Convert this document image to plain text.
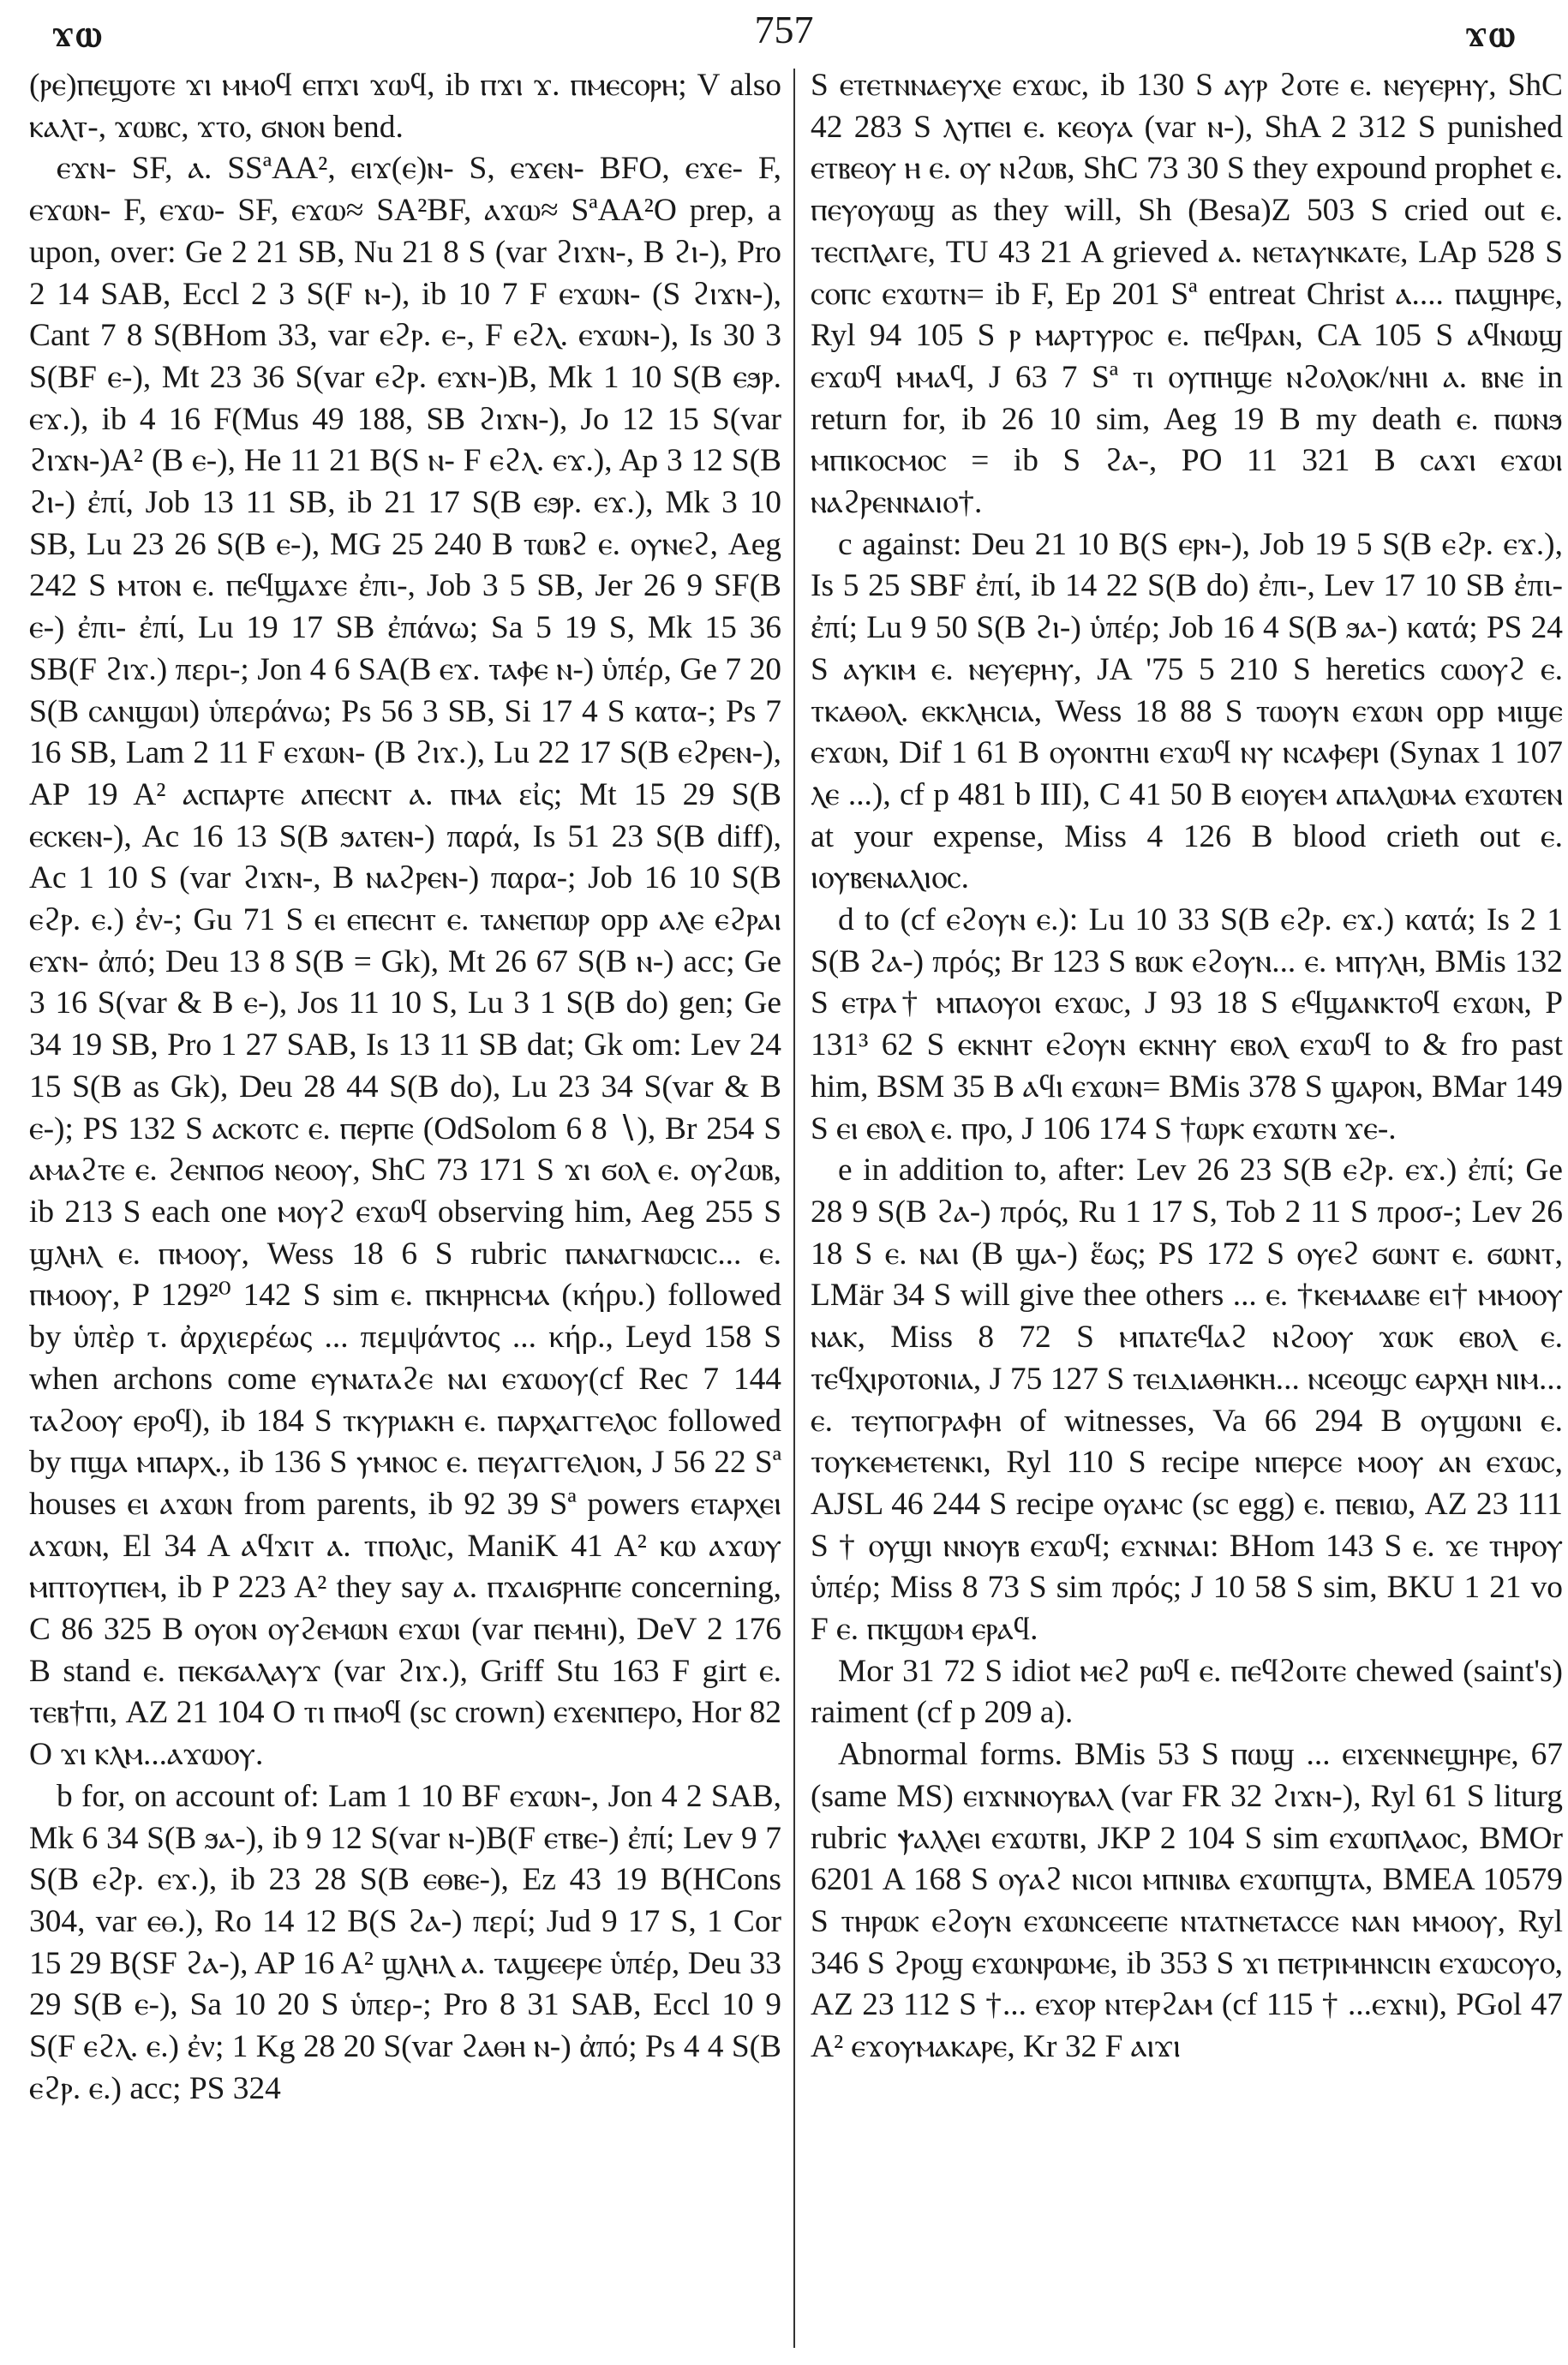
ϫⲱ	757	ϫⲱ

(ⲣⲉ)ⲡⲉϣⲟⲧⲉ ϫⲓ ⲙⲙⲟϥ ⲉⲡϫⲓ ϫⲱϥ, ib ⲡϫⲓ ϫ. ⲡⲙⲉⲥⲟⲣⲏ; V also ⲕⲁⲗⲧ-, ϫⲱⲃⲥ, ϫⲧⲟ, ϭⲛⲟⲛ bend.

ⲉϫⲛ- SF, ⲁ. SSªAA², ⲉⲓϫ(ⲉ)ⲛ- S, ⲉϫⲉⲛ- BFO, ⲉϫⲉ- F, ⲉϫⲱⲛ- F, ⲉϫⲱ- SF, ⲉϫⲱ≈ SA²BF, ⲁϫⲱ≈ SªAA²O prep, a upon, over: Ge 2 21 SB, Nu 21 8 S (var ϩⲓϫⲛ-, B ϩⲓ-), Pro 2 14 SAB, Eccl 2 3 S(F ⲛ-), ib 10 7 F ⲉϫⲱⲛ- (S ϩⲓϫⲛ-), Cant 7 8 S(BHom 33, var ⲉϩⲣ. ⲉ-, F ⲉϩⲗ. ⲉϫⲱⲛ-), Is 30 3 S(BF ⲉ-), Mt 23 36 S(var ⲉϩⲣ. ⲉϫⲛ-)B, Mk 1 10 S(B ⲉϧⲣ. ⲉϫ.), ib 4 16 F(Mus 49 188, SB ϩⲓϫⲛ-), Jo 12 15 S(var ϩⲓϫⲛ-)A² (B ⲉ-), He 11 21 B(S ⲛ- F ⲉϩⲗ. ⲉϫ.), Ap 3 12 S(B ϩⲓ-) ἐπί, Job 13 11 SB, ib 21 17 S(B ⲉϧⲣ. ⲉϫ.), Mk 3 10 SB, Lu 23 26 S(B ⲉ-), MG 25 240 B ⲧⲱⲃϩ ⲉ. ⲟⲩⲛⲉϩ, Aeg 242 S ⲙⲧⲟⲛ ⲉ. ⲡⲉϥϣⲁϫⲉ ἐπι-, Job 3 5 SB, Jer 26 9 SF(B ⲉ-) ἐπι- ἐπί, Lu 19 17 SB ἐπάνω; Sa 5 19 S, Mk 15 36 SB(F ϩⲓϫ.) περι-; Jon 4 6 SA(B ⲉϫ. ⲧⲁⲫⲉ ⲛ-) ὑπέρ, Ge 7 20 S(B ⲥⲁⲛϣⲱⲓ) ὑπεράνω; Ps 56 3 SB, Si 17 4 S κατα-; Ps 7 16 SB, Lam 2 11 F ⲉϫⲱⲛ- (B ϩⲓϫ.), Lu 22 17 S(B ⲉϩⲣⲉⲛ-), AP 19 A² ⲁⲥⲡⲁⲣⲧⲉ ⲁⲡⲉⲥⲛⲧ ⲁ. ⲡⲙⲁ εἰς; Mt 15 29 S(B ⲉⲥⲕⲉⲛ-), Ac 16 13 S(B ϧⲁⲧⲉⲛ-) παρά, Is 51 23 S(B diff), Ac 1 10 S (var ϩⲓϫⲛ-, B ⲛⲁϩⲣⲉⲛ-) παρα-; Job 16 10 S(B ⲉϩⲣ. ⲉ.) ἐν-; Gu 71 S ⲉⲓ ⲉⲡⲉⲥⲏⲧ ⲉ. ⲧⲁⲛⲉⲡⲱⲣ opp ⲁⲗⲉ ⲉϩⲣⲁⲓ ⲉϫⲛ- ἀπό; Deu 13 8 S(B = Gk), Mt 26 67 S(B ⲛ-) acc; Ge 3 16 S(var & B ⲉ-), Jos 11 10 S, Lu 3 1 S(B do) gen; Ge 34 19 SB, Pro 1 27 SAB, Is 13 11 SB dat; Gk om: Lev 24 15 S(B as Gk), Deu 28 44 S(B do), Lu 23 34 S(var & B ⲉ-); PS 132 S ⲁⲥⲕⲟⲧⲥ ⲉ. ⲡⲉⲣⲡⲉ (OdSolom 6 8 ∖), Br 254 S ⲁⲙⲁϩⲧⲉ ⲉ. ϩⲉⲛⲡⲟϭ ⲛⲉⲟⲟⲩ, ShC 73 171 S ϫⲓ ϭⲟⲗ ⲉ. ⲟⲩϩⲱⲃ, ib 213 S each one ⲙⲟⲩϩ ⲉϫⲱϥ observing him, Aeg 255 S ϣⲗⲏⲗ ⲉ. ⲡⲙⲟⲟⲩ, Wess 18 6 S rubric ⲡⲁⲛⲁⲅⲛⲱⲥⲓⲥ... ⲉ. ⲡⲙⲟⲟⲩ, P 129²⁰ 142 S sim ⲉ. ⲡⲕⲏⲣⲏⲥⲙⲁ (κήρυ.) followed by ὑπὲρ τ. ἀρχιερέως ... πεμψάντος ... κήρ., Leyd 158 S when archons come ⲉⲩⲛⲁⲧⲁϩⲉ ⲛⲁⲓ ⲉϫⲱⲟⲩ(cf Rec 7 144 ⲧⲁϩⲟⲟⲩ ⲉⲣⲟϥ), ib 184 S ⲧⲕⲩⲣⲓⲁⲕⲏ ⲉ. ⲡⲁⲣⲭⲁⲅⲅⲉⲗⲟⲥ followed by ⲡϣⲁ ⲙⲡⲁⲣⲭ., ib 136 S ⲩⲙⲛⲟⲥ ⲉ. ⲡⲉⲩⲁⲅⲅⲉⲗⲓⲟⲛ, J 56 22 Sª houses ⲉⲓ ⲁϫⲱⲛ from parents, ib 92 39 Sª powers ⲉⲧⲁⲣⲭⲉⲓ ⲁϫⲱⲛ, El 34 A ⲁϥϫⲓⲧ ⲁ. ⲧⲡⲟⲗⲓⲥ, ManiK 41 A² ⲕⲱ ⲁϫⲱⲩ ⲙⲡⲧⲟⲩⲡⲉⲙ, ib P 223 A² they say ⲁ. ⲡϫⲁⲓϭⲣⲏⲡⲉ concerning, C 86 325 B ⲟⲩⲟⲛ ⲟⲩϩⲉⲙⲱⲛ ⲉϫⲱⲓ (var ⲡⲉⲙⲏⲓ), DeV 2 176 B stand ⲉ. ⲡⲉⲕϭⲁⲗⲁⲩϫ (var ϩⲓϫ.), Griff Stu 163 F girt ⲉ. ⲧⲉⲃ†ⲡⲓ, AZ 21 104 O ⲧⲓ ⲡⲙⲟϥ (sc crown) ⲉϫⲉⲛⲡⲉⲣⲟ, Hor 82 O ϫⲓ ⲕⲗⲙ...ⲁϫⲱⲟⲩ.

b for, on account of: Lam 1 10 BF ⲉϫⲱⲛ-, Jon 4 2 SAB, Mk 6 34 S(B ϧⲁ-), ib 9 12 S(var ⲛ-)B(F ⲉⲧⲃⲉ-) ἐπί; Lev 9 7 S(B ⲉϩⲣ. ⲉϫ.), ib 23 28 S(B ⲉⲑⲃⲉ-), Ez 43 19 B(HCons 304, var ⲉⲑ.), Ro 14 12 B(S ϩⲁ-) περί; Jud 9 17 S, 1 Cor 15 29 B(SF ϩⲁ-), AP 16 A² ϣⲗⲏⲗ ⲁ. ⲧⲁϣⲉⲉⲣⲉ ὑπέρ, Deu 33 29 S(B ⲉ-), Sa 10 20 S ὑπερ-; Pro 8 31 SAB, Eccl 10 9 S(F ⲉϩⲗ. ⲉ.) ἐν; 1 Kg 28 20 S(var ϩⲁⲑⲏ ⲛ-) ἀπό; Ps 4 4 S(B ⲉϩⲣ. ⲉ.) acc; PS 324

S ⲉⲧⲉⲧⲛⲛⲁⲉⲩⲭⲉ ⲉϫⲱⲥ, ib 130 S ⲁⲩⲣ ϩⲟⲧⲉ ⲉ. ⲛⲉⲩⲉⲣⲏⲩ, ShC 42 283 S ⲗⲩⲡⲉⲓ ⲉ. ⲕⲉⲟⲩⲁ (var ⲛ-), ShA 2 312 S punished ⲉⲧⲃⲉⲟⲩ ⲏ ⲉ. ⲟⲩ ⲛϩⲱⲃ, ShC 73 30 S they expound prophet ⲉ. ⲡⲉⲩⲟⲩⲱϣ as they will, Sh (Besa)Z 503 S cried out ⲉ. ⲧⲉⲥⲡⲗⲁⲅⲉ, TU 43 21 A grieved ⲁ. ⲛⲉⲧⲁⲩⲛⲕⲁⲧⲉ, LAp 528 S ⲥⲟⲡⲥ ⲉϫⲱⲧⲛ= ib F, Ep 201 Sª entreat Christ ⲁ.... ⲡⲁϣⲏⲣⲉ, Ryl 94 105 S ⲣ ⲙⲁⲣⲧⲩⲣⲟⲥ ⲉ. ⲡⲉϥⲣⲁⲛ, CA 105 S ⲁϥⲛⲱϣ ⲉϫⲱϥ ⲙⲙⲁϥ, J 63 7 Sª ⲧⲓ ⲟⲩⲡⲏϣⲉ ⲛϩⲟⲗⲟⲕ/ⲛⲏⲓ ⲁ. ⲃⲛⲉ in return for, ib 26 10 sim, Aeg 19 B my death ⲉ. ⲡⲱⲛϧ ⲙⲡⲓⲕⲟⲥⲙⲟⲥ = ib S ϩⲁ-, PO 11 321 B ⲥⲁϫⲓ ⲉϫⲱⲓ ⲛⲁϩⲣⲉⲛⲛⲁⲓⲟ†.

c against: Deu 21 10 B(S ⲉⲣⲛ-), Job 19 5 S(B ⲉϩⲣ. ⲉϫ.), Is 5 25 SBF ἐπί, ib 14 22 S(B do) ἐπι-, Lev 17 10 SB ἐπι- ἐπί; Lu 9 50 S(B ϩⲓ-) ὑπέρ; Job 16 4 S(B ϧⲁ-) κατά; PS 24 S ⲁⲩⲕⲓⲙ ⲉ. ⲛⲉⲩⲉⲣⲏⲩ, JA '75 5 210 S heretics ⲥⲱⲟⲩϩ ⲉ. ⲧⲕⲁⲑⲟⲗ. ⲉⲕⲕⲗⲏⲥⲓⲁ, Wess 18 88 S ⲧⲱⲟⲩⲛ ⲉϫⲱⲛ opp ⲙⲓϣⲉ ⲉϫⲱⲛ, Dif 1 61 B ⲟⲩⲟⲛⲧⲏⲓ ⲉϫⲱϥ ⲛⲩ ⲛⲥⲁⲫⲉⲣⲓ (Synax 1 107 ⲗⲉ ...), cf p 481 b III), C 41 50 B ⲉⲓⲟⲩⲉⲙ ⲁⲡⲁⲗⲱⲙⲁ ⲉϫⲱⲧⲉⲛ at your expense, Miss 4 126 B blood crieth out ⲉ. ⲓⲟⲩⲃⲉⲛⲁⲗⲓⲟⲥ.

d to (cf ⲉϩⲟⲩⲛ ⲉ.): Lu 10 33 S(B ⲉϩⲣ. ⲉϫ.) κατά; Is 2 1 S(B ϩⲁ-) πρός; Br 123 S ⲃⲱⲕ ⲉϩⲟⲩⲛ... ⲉ. ⲙⲡⲩⲗⲏ, BMis 132 S ⲉⲧⲣⲁ† ⲙⲡⲁⲟⲩⲟⲓ ⲉϫⲱⲥ, J 93 18 S ⲉϥϣⲁⲛⲕⲧⲟϥ ⲉϫⲱⲛ, P 131³ 62 S ⲉⲕⲛⲏⲧ ⲉϩⲟⲩⲛ ⲉⲕⲛⲏⲩ ⲉⲃⲟⲗ ⲉϫⲱϥ to & fro past him, BSM 35 B ⲁϥⲓ ⲉϫⲱⲛ= BMis 378 S ϣⲁⲣⲟⲛ, BMar 149 S ⲉⲓ ⲉⲃⲟⲗ ⲉ. ⲡⲣⲟ, J 106 174 S †ⲱⲣⲕ ⲉϫⲱⲧⲛ ϫⲉ-.

e in addition to, after: Lev 26 23 S(B ⲉϩⲣ. ⲉϫ.) ἐπί; Ge 28 9 S(B ϩⲁ-) πρός, Ru 1 17 S, Tob 2 11 S προσ-; Lev 26 18 S ⲉ. ⲛⲁⲓ (B ϣⲁ-) ἕως; PS 172 S ⲟⲩⲉϩ ϭⲱⲛⲧ ⲉ. ϭⲱⲛⲧ, LMär 34 S will give thee others ... ⲉ. †ⲕⲉⲙⲁⲁⲃⲉ ⲉⲓ† ⲙⲙⲟⲟⲩ ⲛⲁⲕ, Miss 8 72 S ⲙⲡⲁⲧⲉϥⲁϩ ⲛϩⲟⲟⲩ ϫⲱⲕ ⲉⲃⲟⲗ ⲉ. ⲧⲉϥⲭⲓⲣⲟⲧⲟⲛⲓⲁ, J 75 127 S ⲧⲉⲓⲇⲓⲁⲑⲏⲕⲏ... ⲛⲥⲉⲟϣⲥ ⲉⲁⲣⲭⲏ ⲛⲓⲙ... ⲉ. ⲧⲉⲩⲡⲟⲅⲣⲁⲫⲏ of witnesses, Va 66 294 B ⲟⲩϣⲱⲛⲓ ⲉ. ⲧⲟⲩⲕⲉⲙⲉⲧⲉⲛⲕⲓ, Ryl 110 S recipe ⲛⲡⲉⲣⲥⲉ ⲙⲟⲟⲩ ⲁⲛ ⲉϫⲱⲥ, AJSL 46 244 S recipe ⲟⲩⲁⲙⲥ (sc egg) ⲉ. ⲡⲉⲃⲓⲱ, AZ 23 111 S † ⲟⲩϣⲓ ⲛⲛⲟⲩⲃ ⲉϫⲱϥ; ⲉϫⲛⲛⲁⲓ: BHom 143 S ⲉ. ϫⲉ ⲧⲏⲣⲟⲩ ὑπέρ; Miss 8 73 S sim πρός; J 10 58 S sim, BKU 1 21 vo F ⲉ. ⲡⲕϣⲱⲙ ⲉⲣⲁϥ.

Mor 31 72 S idiot ⲙⲉϩ ⲣⲱϥ ⲉ. ⲡⲉϥϩⲟⲓⲧⲉ chewed (saint's) raiment (cf p 209 a).

Abnormal forms. BMis 53 S ⲡⲱϣ ... ⲉⲓϫⲉⲛⲛⲉϣⲏⲣⲉ, 67 (same MS) ⲉⲓϫⲛⲛⲟⲩⲃⲁⲗ (var FR 32 ϩⲓϫⲛ-), Ryl 61 S liturg rubric ⲯⲁⲗⲗⲉⲓ ⲉϫⲱⲧⲃⲓ, JKP 2 104 S sim ⲉϫⲱⲡⲗⲁⲟⲥ, BMOr 6201 A 168 S ⲟⲩⲁϩ ⲛⲓⲥⲟⲓ ⲙⲡⲛⲓⲃⲁ ⲉϫⲱⲡϣⲧⲁ, BMEA 10579 S ⲧⲏⲣⲱⲕ ⲉϩⲟⲩⲛ ⲉϫⲱⲛⲥⲉⲉⲡⲉ ⲛⲧⲁⲧⲛⲉⲧⲁⲥⲥⲉ ⲛⲁⲛ ⲙⲙⲟⲟⲩ, Ryl 346 S ϩⲣⲟϣ ⲉϫⲱⲛⲣⲱⲙⲉ, ib 353 S ϫⲓ ⲡⲉⲧⲣⲓⲙⲏⲛⲥⲓⲛ ⲉϫⲱⲥⲟⲩⲟ, AZ 23 112 S †... ⲉϫⲟⲣ ⲛⲧⲉⲣϩⲁⲙ (cf 115 † ...ⲉϫⲛⲓ), PGol 47 A² ⲉϫⲟⲩⲙⲁⲕⲁⲣⲉ, Kr 32 F ⲁⲓϫⲓ
